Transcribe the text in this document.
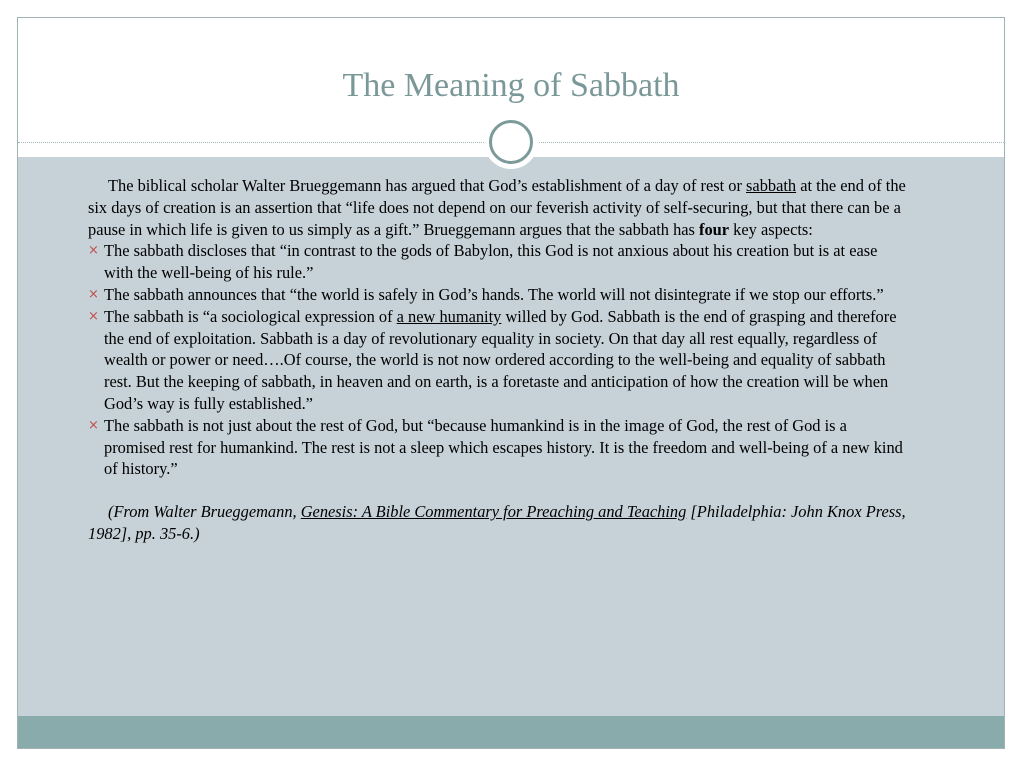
The Meaning of Sabbath

The biblical scholar Walter Brueggemann has argued that God’s establishment of a day of rest or sabbath at the end of the six days of creation is an assertion that “life does not depend on our feverish activity of self-securing, but that there can be a pause in which life is given to us simply as a gift.” Brueggemann argues that the sabbath has four key aspects:

× The sabbath discloses that “in contrast to the gods of Babylon, this God is not anxious about his creation but is at ease with the well-being of his rule.”
× The sabbath announces that “the world is safely in God’s hands. The world will not disintegrate if we stop our efforts.”
× The sabbath is “a sociological expression of a new humanity willed by God. Sabbath is the end of grasping and therefore the end of exploitation. Sabbath is a day of revolutionary equality in society. On that day all rest equally, regardless of wealth or power or need….Of course, the world is not now ordered according to the well-being and equality of sabbath rest. But the keeping of sabbath, in heaven and on earth, is a foretaste and anticipation of how the creation will be when God’s way is fully established.”
× The sabbath is not just about the rest of God, but “because humankind is in the image of God, the rest of God is a promised rest for humankind. The rest is not a sleep which escapes history. It is the freedom and well-being of a new kind of history.”

(From Walter Brueggemann, Genesis: A Bible Commentary for Preaching and Teaching [Philadelphia: John Knox Press, 1982], pp. 35-6.)
